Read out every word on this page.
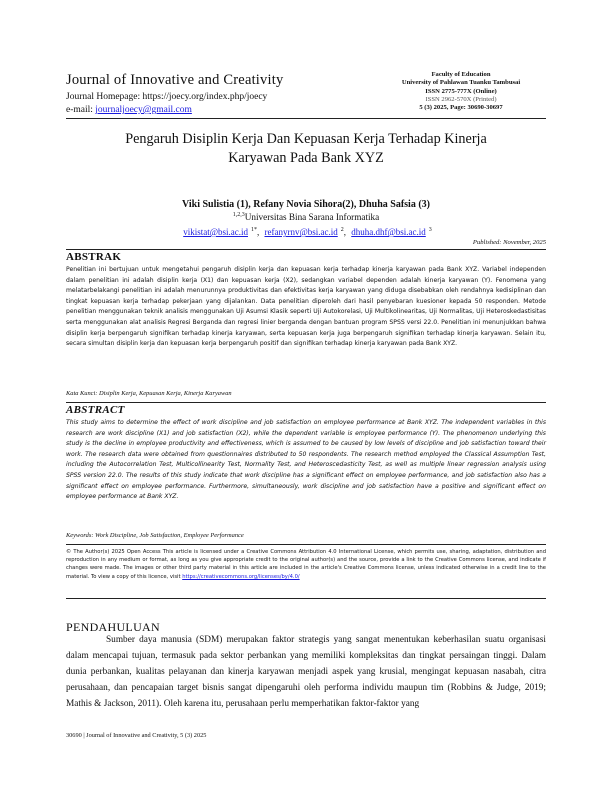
Journal of Innovative and Creativity
Journal Homepage: https://joecy.org/index.php/joecy
e-mail: journaljoecy@gmail.com
Faculty of Education
University of Pahlawan Tuanku Tambusai
ISSN 2775-777X (Online)
ISSN 2962-570X (Printed)
5 (3) 2025, Page: 30690-30697
Pengaruh Disiplin Kerja Dan Kepuasan Kerja Terhadap Kinerja
Karyawan Pada Bank XYZ
Viki Sulistia (1), Refany Novia Sihora(2), Dhuha Safsia (3)
$^{1,2,3}$Universitas Bina Sarana Informatika
vikistat@bsi.ac.id $^{1*}$, refanyrnv@bsi.ac.id $^2$, dhuha.dhf@bsi.ac.id $^3$
Published: November, 2025
ABSTRAK
Penelitian ini bertujuan untuk mengetahui pengaruh disiplin kerja dan kepuasan kerja terhadap kinerja karyawan pada Bank XYZ. Variabel independen dalam penelitian ini adalah disiplin kerja (X1) dan kepuasan kerja (X2), sedangkan variabel dependen adalah kinerja karyawan (Y). Fenomena yang melatarbelakangi penelitian ini adalah menurunnya produktivitas dan efektivitas kerja karyawan yang diduga disebabkan oleh rendahnya kedisiplinan dan tingkat kepuasan kerja terhadap pekerjaan yang dijalankan. Data penelitian diperoleh dari hasil penyebaran kuesioner kepada 50 responden. Metode penelitian menggunakan teknik analisis menggunakan Uji Asumsi Klasik seperti Uji Autokorelasi, Uji Multikolinearitas, Uji Normalitas, Uji Heteroskedastisitas serta menggunakan alat analisis Regresi Berganda dan regresi linier berganda dengan bantuan program SPSS versi 22.0. Penelitian ini menunjukkan bahwa disiplin kerja berpengaruh signifikan terhadap kinerja karyawan, serta kepuasan kerja juga berpengaruh signifikan terhadap kinerja karyawan. Selain itu, secara simultan disiplin kerja dan kepuasan kerja berpengaruh positif dan signifikan terhadap kinerja karyawan pada Bank XYZ.
Kata Kunci: Disiplin Kerja, Kepuasan Kerja, Kinerja Karyawan
ABSTRACT
This study aims to determine the effect of work discipline and job satisfaction on employee performance at Bank XYZ. The independent variables in this research are work discipline (X1) and job satisfaction (X2), while the dependent variable is employee performance (Y). The phenomenon underlying this study is the decline in employee productivity and effectiveness, which is assumed to be caused by low levels of discipline and job satisfaction toward their work. The research data were obtained from questionnaires distributed to 50 respondents. The research method employed the Classical Assumption Test, including the Autocorrelation Test, Multicollinearity Test, Normality Test, and Heteroscedasticity Test, as well as multiple linear regression analysis using SPSS version 22.0. The results of this study indicate that work discipline has a significant effect on employee performance, and job satisfaction also has a significant effect on employee performance. Furthermore, simultaneously, work discipline and job satisfaction have a positive and significant effect on employee performance at Bank XYZ.
Keywords: Work Discipline, Job Satisfaction, Employee Performance
© The Author(s) 2025 Open Access This article is licensed under a Creative Commons Attribution 4.0 International License, which permits use, sharing, adaptation, distribution and reproduction in any medium or format, as long as you give appropriate credit to the original author(s) and the source, provide a link to the Creative Commons license, and indicate if changes were made. The images or other third party material in this article are included in the article's Creative Commons license, unless indicated otherwise in a credit line to the material. To view a copy of this licence, visit https://creativecommons.org/licenses/by/4.0/
PENDAHULUAN
Sumber daya manusia (SDM) merupakan faktor strategis yang sangat menentukan keberhasilan suatu organisasi dalam mencapai tujuan, termasuk pada sektor perbankan yang memiliki kompleksitas dan tingkat persaingan tinggi. Dalam dunia perbankan, kualitas pelayanan dan kinerja karyawan menjadi aspek yang krusial, mengingat kepuasan nasabah, citra perusahaan, dan pencapaian target bisnis sangat dipengaruhi oleh performa individu maupun tim (Robbins & Judge, 2019; Mathis & Jackson, 2011). Oleh karena itu, perusahaan perlu memperhatikan faktor-faktor yang
30690 | Journal of Innovative and Creativity, 5 (3) 2025
